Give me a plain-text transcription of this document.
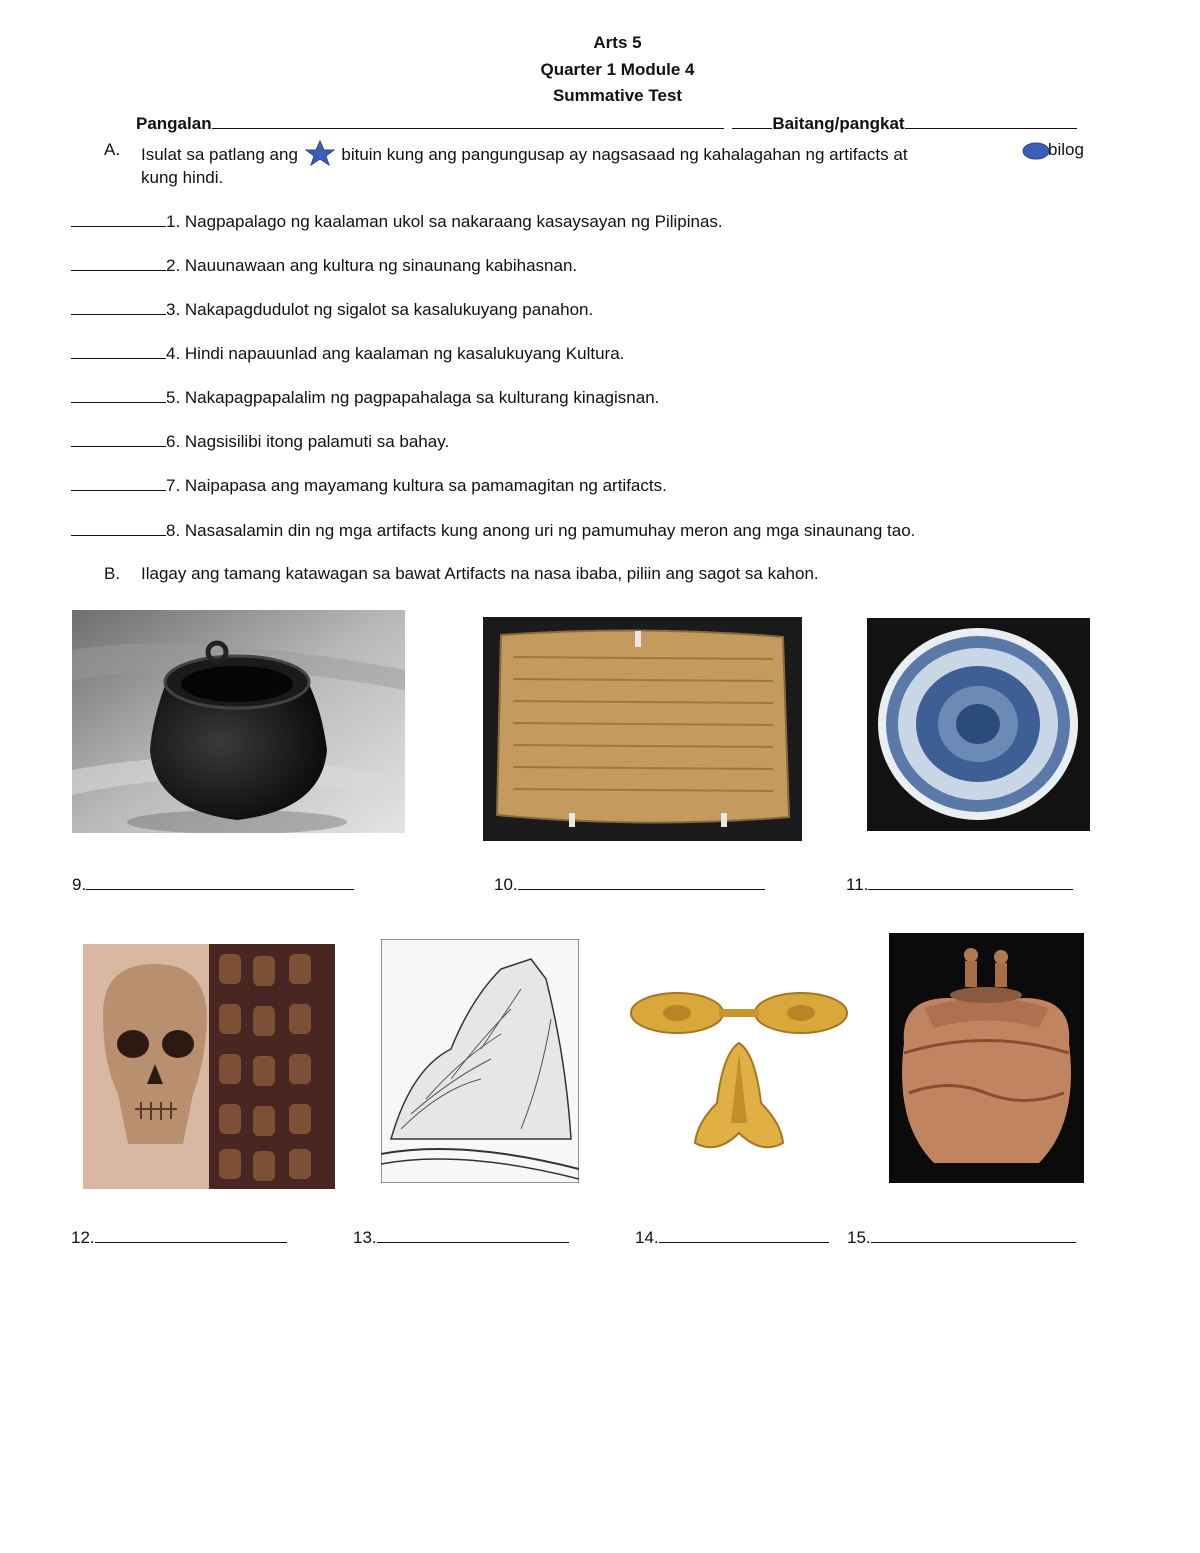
Arts 5
Quarter 1 Module 4
Summative Test
Pangalan	Baitang/pangkat
A. Isulat sa patlang ang	bituin kung ang pangungusap ay nagsasaad ng kahalagahan ng artifacts at	bilog
kung hindi.
1. Nagpapalago ng kaalaman ukol sa nakaraang kasaysayan ng Pilipinas.
2. Nauunawaan ang kultura ng sinaunang kabihasnan.
3. Nakapagdudulot ng sigalot sa kasalukuyang panahon.
4. Hindi napauunlad ang kaalaman ng kasalukuyang Kultura.
5. Nakapagpapalalim ng pagpapahalaga sa kulturang kinagisnan.
6. Nagsisilibi itong palamuti sa bahay.
7. Naipapasa ang mayamang kultura sa pamamagitan ng artifacts.
8. Nasasalamin din ng mga artifacts kung anong uri ng pamumuhay meron ang mga sinaunang tao.
B. Ilagay ang tamang katawagan sa bawat Artifacts na nasa ibaba, piliin ang sagot sa kahon.
9.	10.	11.
12.	13.	14.	15.
